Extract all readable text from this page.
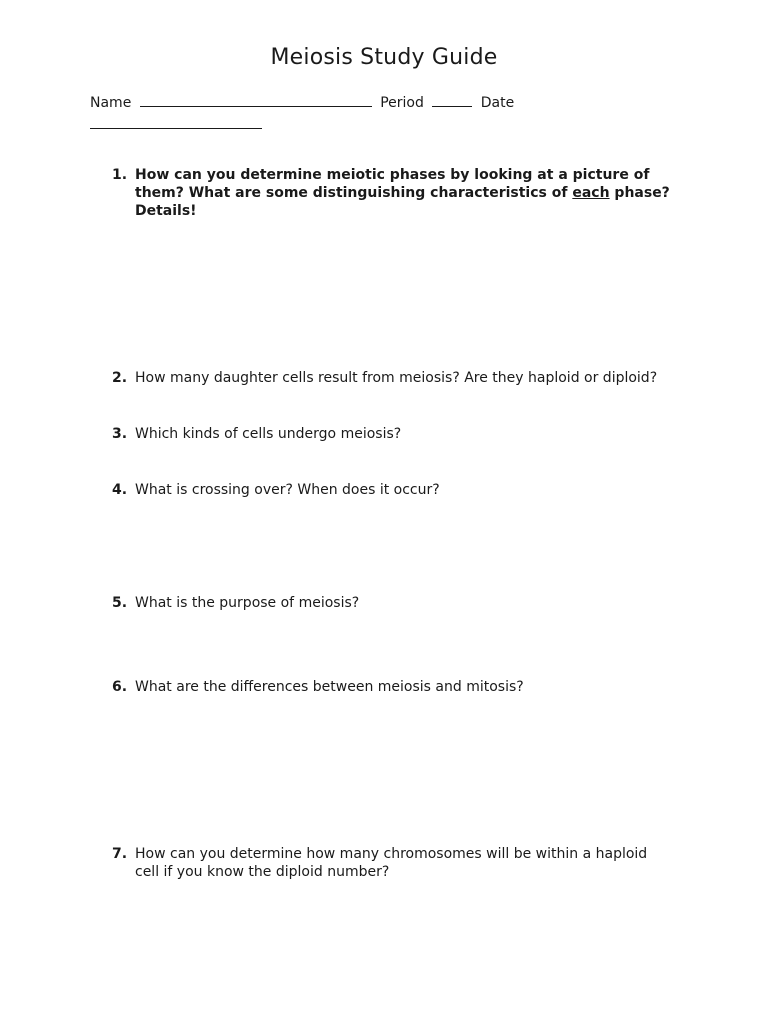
Meiosis Study Guide
Name	Period	Date
1. How can you determine meiotic phases by looking at a picture of them? What are some distinguishing characteristics of each phase? Details!
2. How many daughter cells result from meiosis? Are they haploid or diploid?
3. Which kinds of cells undergo meiosis?
4. What is crossing over? When does it occur?
5. What is the purpose of meiosis?
6. What are the differences between meiosis and mitosis?
7. How can you determine how many chromosomes will be within a haploid cell if you know the diploid number?
